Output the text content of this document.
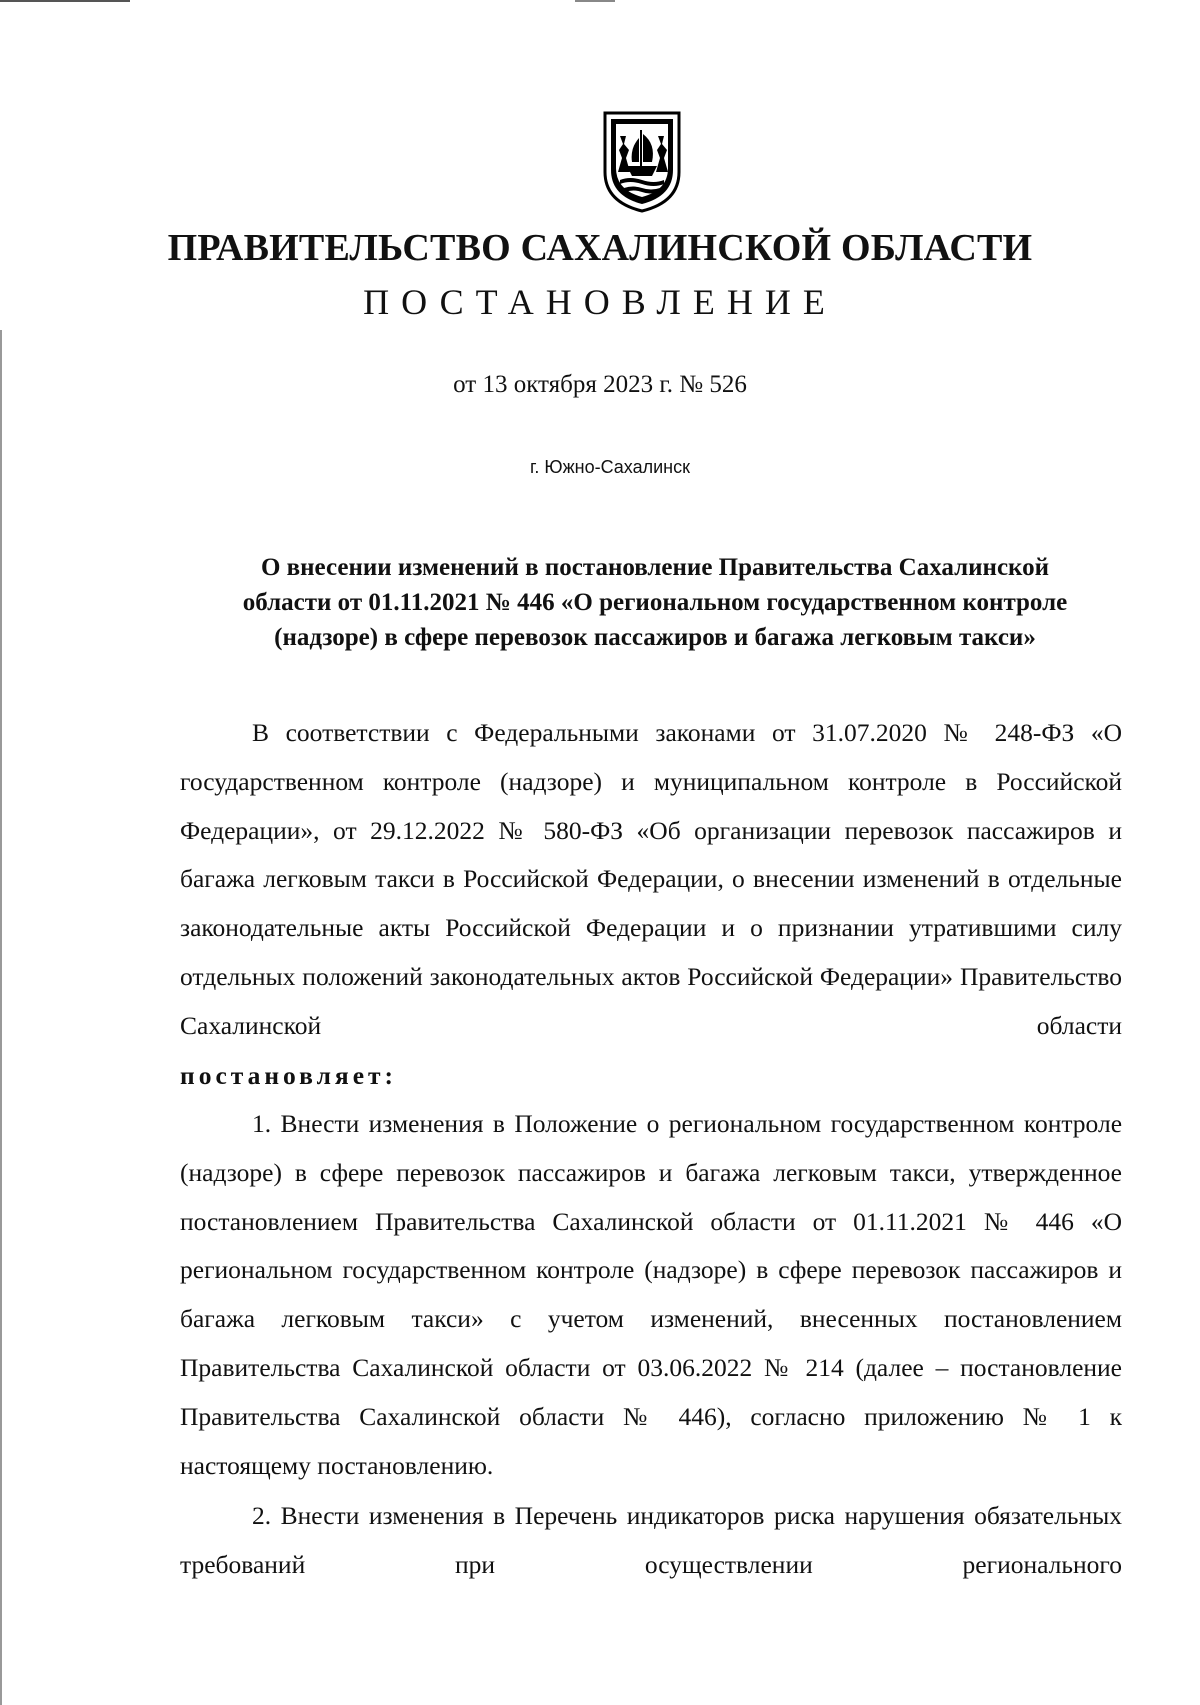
ПРАВИТЕЛЬСТВО САХАЛИНСКОЙ ОБЛАСТИ
ПОСТАНОВЛЕНИЕ
от 13 октября 2023 г. № 526
г. Южно-Сахалинск
О внесении изменений в постановление Правительства Сахалинской
области от 01.11.2021 № 446 «О региональном государственном контроле
(надзоре) в сфере перевозок пассажиров и багажа легковым такси»
В соответствии с Федеральными законами от 31.07.2020 № 248-ФЗ «О государственном контроле (надзоре) и муниципальном контроле в Российской Федерации», от 29.12.2022 № 580-ФЗ «Об организации перевозок пассажиров и багажа легковым такси в Российской Федерации, о внесении изменений в отдельные законодательные акты Российской Федерации и о признании утратившими силу отдельных положений законодательных актов Российской Федерации» Правительство Сахалинской области
постановляет:
1. Внести изменения в Положение о региональном государственном контроле (надзоре) в сфере перевозок пассажиров и багажа легковым такси, утвержденное постановлением Правительства Сахалинской области от 01.11.2021 № 446 «О региональном государственном контроле (надзоре) в сфере перевозок пассажиров и багажа легковым такси» с учетом изменений, внесенных постановлением Правительства Сахалинской области от 03.06.2022 № 214 (далее – постановление Правительства Сахалинской области № 446), согласно приложению № 1 к настоящему постановлению.
2. Внести изменения в Перечень индикаторов риска нарушения обязательных требований при осуществлении регионального
